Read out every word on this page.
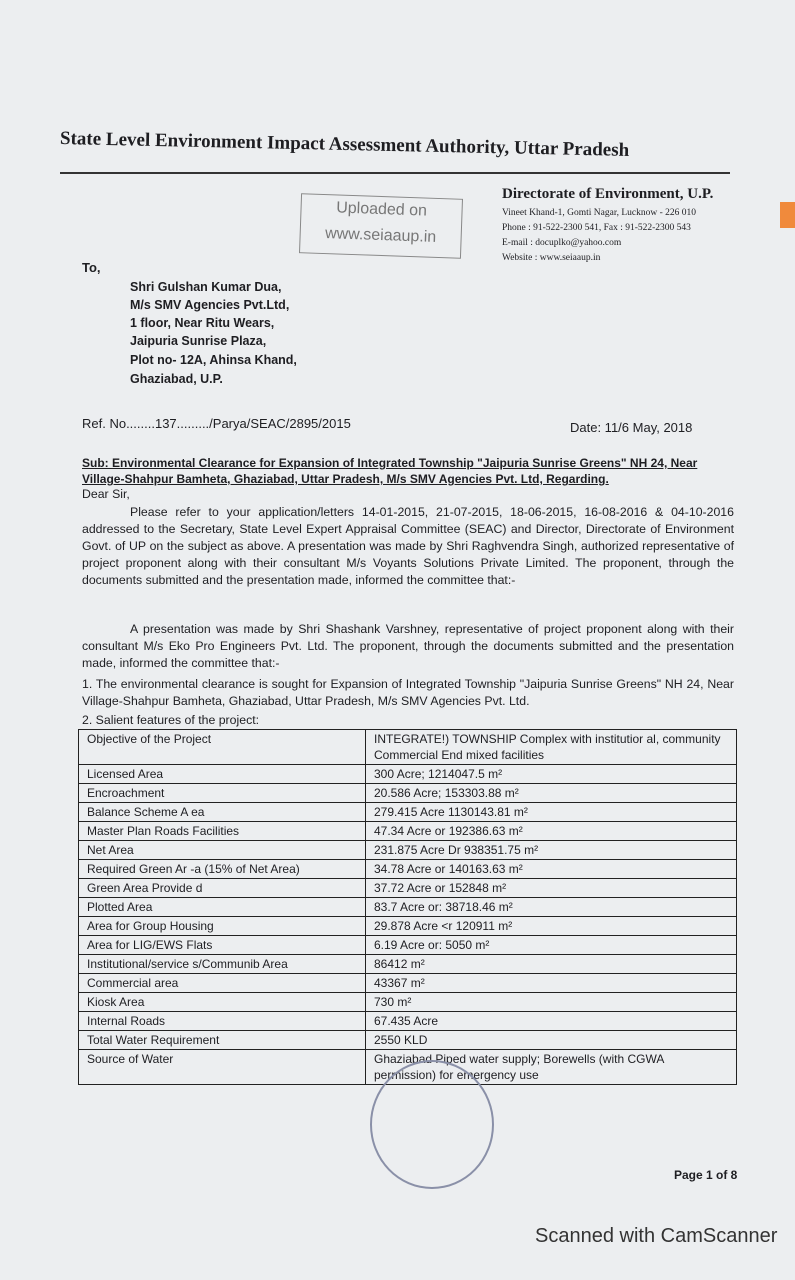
State Level Environment Impact Assessment Authority, Uttar Pradesh
Uploaded on
www.seiaaup.in
Directorate of Environment, U.P.
Vineet Khand-1, Gomti Nagar, Lucknow - 226 010
Phone : 91-522-2300 541, Fax : 91-522-2300 543
E-mail : docuplko@yahoo.com
Website : www.seiaaup.in
To,
Shri Gulshan Kumar Dua,
M/s SMV Agencies Pvt.Ltd,
1 floor, Near Ritu Wears,
Jaipuria Sunrise Plaza,
Plot no- 12A, Ahinsa Khand,
Ghaziabad, U.P.
Ref. No........137........./Parya/SEAC/2895/2015	Date: 11/6 May, 2018
Sub: Environmental Clearance for Expansion of Integrated Township "Jaipuria Sunrise Greens" NH 24, Near Village-Shahpur Bamheta, Ghaziabad, Uttar Pradesh, M/s SMV Agencies Pvt. Ltd, Regarding.
Dear Sir,
Please refer to your application/letters 14-01-2015, 21-07-2015, 18-06-2015, 16-08-2016 & 04-10-2016 addressed to the Secretary, State Level Expert Appraisal Committee (SEAC) and Director, Directorate of Environment Govt. of UP on the subject as above. A presentation was made by Shri Raghvendra Singh, authorized representative of project proponent along with their consultant M/s Voyants Solutions Private Limited. The proponent, through the documents submitted and the presentation made, informed the committee that:-
A presentation was made by Shri Shashank Varshney, representative of project proponent along with their consultant M/s Eko Pro Engineers Pvt. Ltd. The proponent, through the documents submitted and the presentation made, informed the committee that:-
1. The environmental clearance is sought for Expansion of Integrated Township "Jaipuria Sunrise Greens" NH 24, Near Village-Shahpur Bamheta, Ghaziabad, Uttar Pradesh, M/s SMV Agencies Pvt. Ltd.
2. Salient features of the project:
Objective of the Project	INTEGRATE!) TOWNSHIP Complex with institutior al, community Commercial End mixed facilities
Licensed Area	300 Acre; 1214047.5 m²
Encroachment	20.586 Acre; 153303.88 m²
Balance Scheme A ea	279.415 Acre 1130143.81 m²
Master Plan Roads Facilities	47.34 Acre or 192386.63 m²
Net Area	231.875 Acre Dr 938351.75 m²
Required Green Ar -a (15% of Net Area)	34.78 Acre or 140163.63 m²
Green Area Provide d	37.72 Acre or 152848 m²
Plotted Area	83.7 Acre or: 38718.46 m²
Area for Group Housing	29.878 Acre <r 120911 m²
Area for LIG/EWS Flats	6.19 Acre or: 5050 m²
Institutional/service s/Communib Area	86412 m²
Commercial area	43367 m²
Kiosk Area	730 m²
Internal Roads	67.435 Acre
Total Water Requirement	2550 KLD
Source of Water	Ghaziabad Piped water supply; Borewells (with CGWA permission) for emergency use
Page 1 of 8
Scanned with CamScanner
